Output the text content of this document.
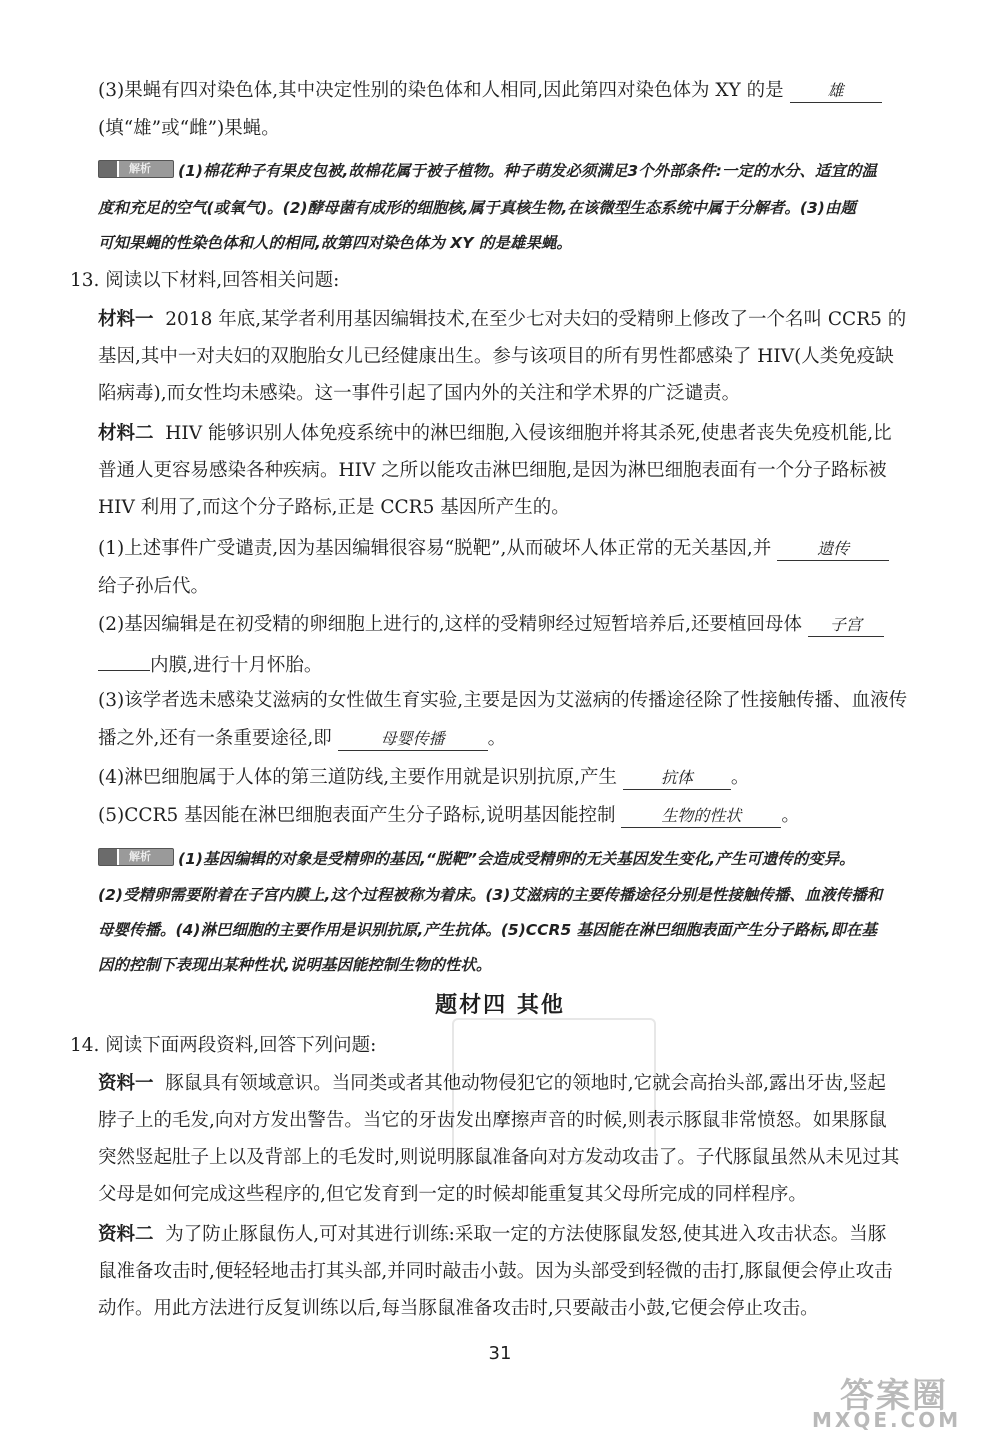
(3)果蝇有四对染色体,其中决定性别的染色体和人相同,因此第四对染色体为 XY 的是	雄
(填“雄”或“雌”)果蝇。
解析 (1)棉花种子有果皮包被,故棉花属于被子植物。种子萌发必须满足3个外部条件:一定的水分、适宜的温
度和充足的空气(或氧气)。(2)酵母菌有成形的细胞核,属于真核生物,在该微型生态系统中属于分解者。(3)由题
可知果蝇的性染色体和人的相同,故第四对染色体为 XY 的是雄果蝇。
13. 阅读以下材料,回答相关问题:
材料一 2018 年底,某学者利用基因编辑技术,在至少七对夫妇的受精卵上修改了一个名叫 CCR5 的
基因,其中一对夫妇的双胞胎女儿已经健康出生。参与该项目的所有男性都感染了 HIV(人类免疫缺
陷病毒),而女性均未感染。这一事件引起了国内外的关注和学术界的广泛谴责。
材料二 HIV 能够识别人体免疫系统中的淋巴细胞,入侵该细胞并将其杀死,使患者丧失免疫机能,比
普通人更容易感染各种疾病。HIV 之所以能攻击淋巴细胞,是因为淋巴细胞表面有一个分子路标被
HIV 利用了,而这个分子路标,正是 CCR5 基因所产生的。
(1)上述事件广受谴责,因为基因编辑很容易“脱靶”,从而破坏人体正常的无关基因,并	遗传
给子孙后代。
(2)基因编辑是在初受精的卵细胞上进行的,这样的受精卵经过短暂培养后,还要植回母体 子宫
内膜,进行十月怀胎。
(3)该学者选未感染艾滋病的女性做生育实验,主要是因为艾滋病的传播途径除了性接触传播、血液传
播之外,还有一条重要途径,即	母婴传播 。
(4)淋巴细胞属于人体的第三道防线,主要作用就是识别抗原,产生	抗体 。
(5)CCR5 基因能在淋巴细胞表面产生分子路标,说明基因能控制	生物的性状 。
解析 (1)基因编辑的对象是受精卵的基因,“脱靶”会造成受精卵的无关基因发生变化,产生可遗传的变异。
(2)受精卵需要附着在子宫内膜上,这个过程被称为着床。(3)艾滋病的主要传播途径分别是性接触传播、血液传播和
母婴传播。(4)淋巴细胞的主要作用是识别抗原,产生抗体。(5)CCR5 基因能在淋巴细胞表面产生分子路标,即在基
因的控制下表现出某种性状,说明基因能控制生物的性状。
题材四 其他
14. 阅读下面两段资料,回答下列问题:
资料一 豚鼠具有领域意识。当同类或者其他动物侵犯它的领地时,它就会高抬头部,露出牙齿,竖起
脖子上的毛发,向对方发出警告。当它的牙齿发出摩擦声音的时候,则表示豚鼠非常愤怒。如果豚鼠
突然竖起肚子上以及背部上的毛发时,则说明豚鼠准备向对方发动攻击了。子代豚鼠虽然从未见过其
父母是如何完成这些程序的,但它发育到一定的时候却能重复其父母所完成的同样程序。
资料二 为了防止豚鼠伤人,可对其进行训练:采取一定的方法使豚鼠发怒,使其进入攻击状态。当豚
鼠准备攻击时,便轻轻地击打其头部,并同时敲击小鼓。因为头部受到轻微的击打,豚鼠便会停止攻击
动作。用此方法进行反复训练以后,每当豚鼠准备攻击时,只要敲击小鼓,它便会停止攻击。
31
答案圈
MXQE.COM
